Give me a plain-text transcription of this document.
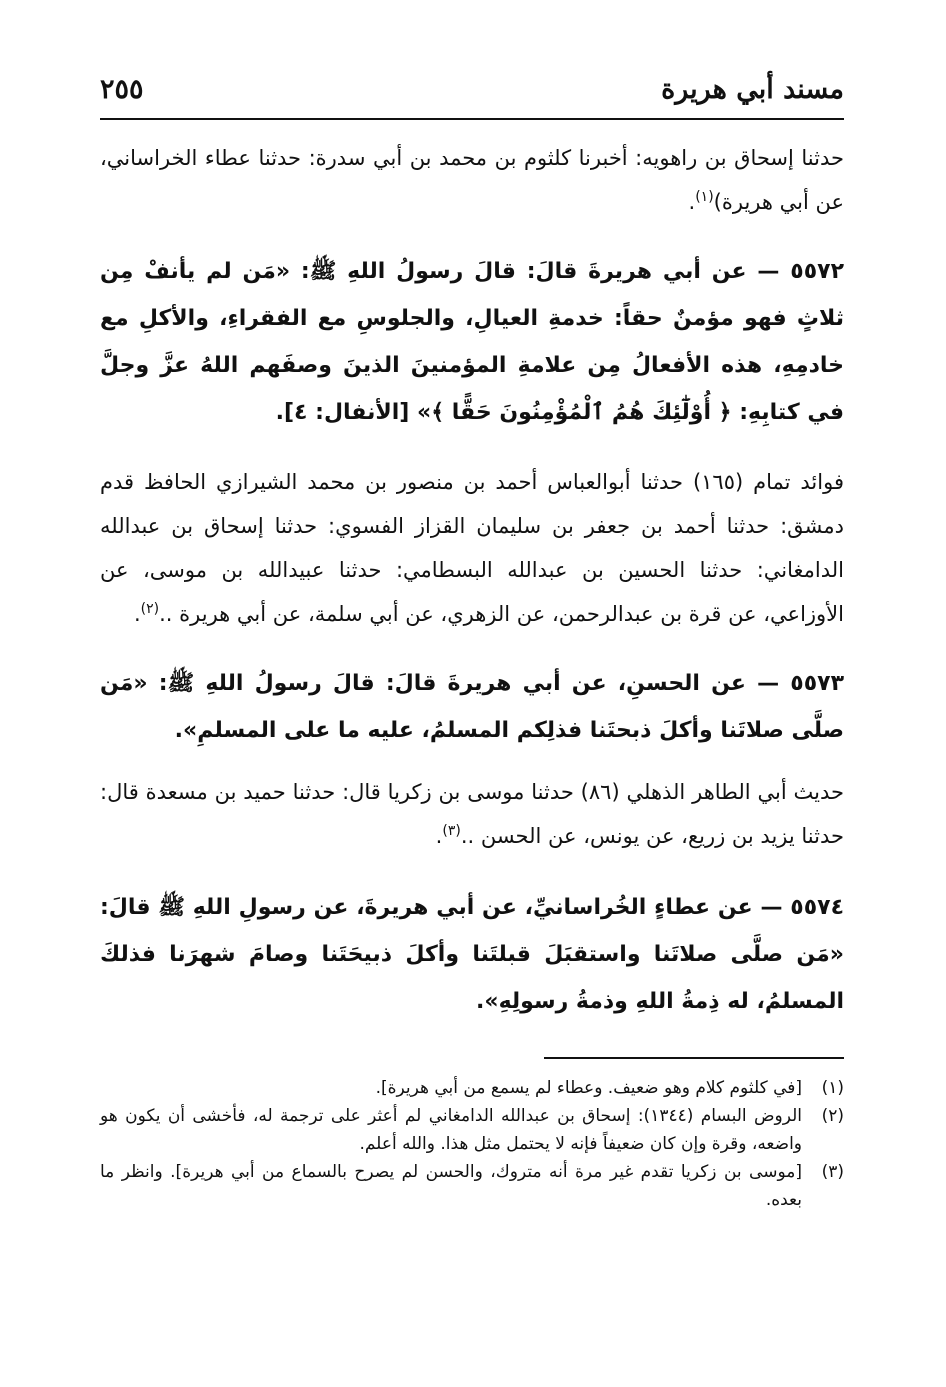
مسند أبي هريرة
٢٥٥
حدثنا إسحاق بن راهويه: أخبرنا كلثوم بن محمد بن أبي سدرة: حدثنا عطاء الخراساني، عن أبي هريرة)$^{(١)}$.
٥٥٧٢ — عن أبي هريرةَ قالَ: قالَ رسولُ اللهِ ﷺ: «مَن لم يأنفْ مِن ثلاثٍ فهو مؤمنٌ حقاً: خدمةِ العيالِ، والجلوسِ مع الفقراءِ، والأكلِ مع خادمِهِ، هذه الأفعالُ مِن علامةِ المؤمنينَ الذينَ وصفَهم اللهُ عزَّ وجلَّ في كتابِهِ: ﴿ أُوْلَٰٓئِكَ هُمُ ٱلْمُؤْمِنُونَ حَقًّا ﴾» [الأنفال: ٤].
فوائد تمام (١٦٥) حدثنا أبوالعباس أحمد بن منصور بن محمد الشيرازي الحافظ قدم دمشق: حدثنا أحمد بن جعفر بن سليمان القزاز الفسوي: حدثنا إسحاق بن عبدالله الدامغاني: حدثنا الحسين بن عبدالله البسطامي: حدثنا عبيدالله بن موسى، عن الأوزاعي، عن قرة بن عبدالرحمن، عن الزهري، عن أبي سلمة، عن أبي هريرة ..$^{(٢)}$.
٥٥٧٣ — عن الحسنِ، عن أبي هريرةَ قالَ: قالَ رسولُ اللهِ ﷺ: «مَن صلَّى صلاتَنا وأكلَ ذبحتَنا فذلِكم المسلمُ، عليه ما على المسلمِ».
حديث أبي الطاهر الذهلي (٨٦) حدثنا موسى بن زكريا قال: حدثنا حميد بن مسعدة قال: حدثنا يزيد بن زريع، عن يونس، عن الحسن ..$^{(٣)}$.
٥٥٧٤ — عن عطاءٍ الخُراسانيِّ، عن أبي هريرةَ، عن رسولِ اللهِ ﷺ قالَ: «مَن صلَّى صلاتَنا واستقبَلَ قبلتَنا وأكلَ ذبيحَتَنا وصامَ شهرَنا فذلكَ المسلمُ، له ذِمةُ اللهِ وذمةُ رسولِهِ».

(١)
[في كلثوم كلام وهو ضعيف. وعطاء لم يسمع من أبي هريرة].

(٢)
الروض البسام (١٣٤٤): إسحاق بن عبدالله الدامغاني لم أعثر على ترجمة له، فأخشى أن يكون هو واضعه، وقرة وإن كان ضعيفاً فإنه لا يحتمل مثل هذا. والله أعلم.

(٣)
[موسى بن زكريا تقدم غير مرة أنه متروك، والحسن لم يصرح بالسماع من أبي هريرة]. وانظر ما بعده.
